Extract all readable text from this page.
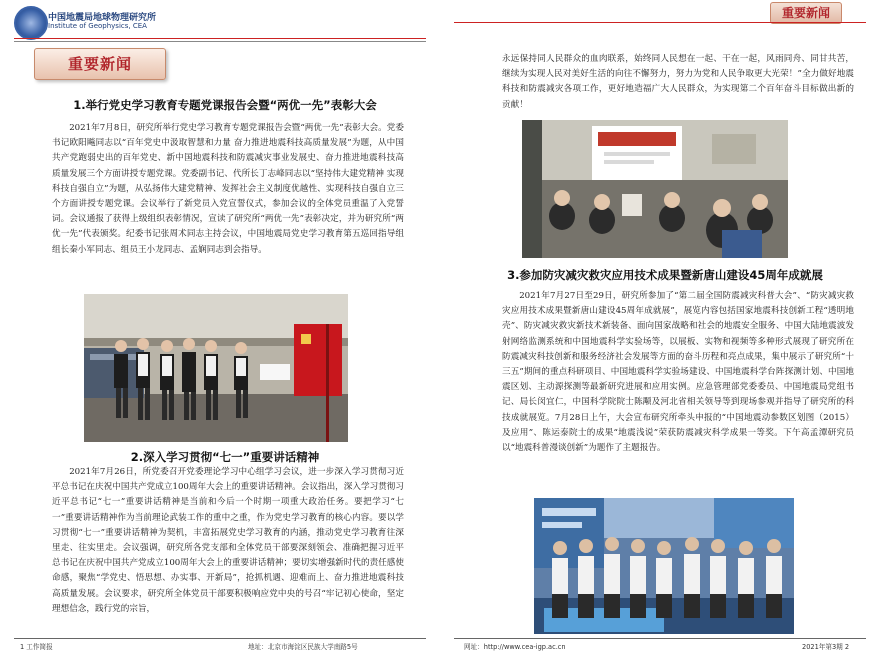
中国地震局地球物理研究所
Institute of Geophysics, CEA
重要新闻
1.举行党史学习教育专题党课报告会暨“两优一先”表彰大会

2021年7月8日，研究所举行党史学习教育专题党课报告会暨“两优一先”表彰大会。党委书记欧阳飚同志以“百年党史中汲取智慧和力量 奋力推进地震科技高质量发展”为题，从中国共产党跑弱史出的百年党史、新中国地震科技和防震减灾事业发展史、奋力推进地震科技高质量发展三个方面讲授专题党课。党委副书记、代所长丁志峰同志以“坚持伟大建党精神 实现科技自强自立”为题，从弘扬伟大建党精神、发挥社会主义制度优越性、实现科技自强自立三个方面讲授专题党课。会议举行了新党员入党宣誓仪式，参加会议的全体党员重温了入党誓词。会议通报了获得上级组织表彰情况，宣读了研究所“两优一先”表彰决定，并为研究所“两优一先”代表颁奖。纪委书记张周术同志主持会议，中国地震局党史学习教育第五巡回指导组组长秦小军同志、组员王小龙同志、孟娴同志到会指导。

2.深入学习贯彻“七一”重要讲话精神

2021年7月26日，所党委召开党委理论学习中心组学习会议，进一步深入学习贯彻习近平总书记在庆祝中国共产党成立100周年大会上的重要讲话精神。会议指出，深入学习贯彻习近平总书记“七一”重要讲话精神是当前和今后一个时期一项重大政治任务。要把学习“七一”重要讲话精神作为当前理论武装工作的重中之重，作为党史学习教育的核心内容。要以学习贯彻“七一”重要讲话精神为契机，丰富拓展党史学习教育的内涵，推动党史学习教育往深里走、往实里走。会议强调，研究所各党支部和全体党员干部要深刻领会、准确把握习近平总书记在庆祝中国共产党成立100周年大会上的重要讲话精神；要切实增强新时代的责任感使命感，聚焦“学党史、悟思想、办实事、开新局”，抢抓机遇、迎难而上、奋力推进地震科技高质量发展。会议要求，研究所全体党员干部要积极响应党中央的号召“牢记初心使命，坚定理想信念，践行党的宗旨，

1 工作简报	地址：北京市海淀区民族大学南路5号
重要新闻

永远保持同人民群众的血肉联系，始终同人民想在一起、干在一起，风雨同舟、同甘共苦，继续为实现人民对美好生活的向往不懈努力，努力为党和人民争取更大光荣！”全力做好地震科技和防震减灾各项工作，更好地造福广大人民群众，为实现第二个百年奋斗目标做出新的贡献！

3.参加防灾减灾救灾应用技术成果暨新唐山建设45周年成就展

2021年7月27日至29日，研究所参加了“第二届全国防震减灾科普大会”、“防灾减灾救灾应用技术成果暨新唐山建设45周年成就展”，展览内容包括国家地震科技创新工程“透明地壳”、防灾减灾救灾新技术新装备、面向国家战略和社会的地震安全服务、中国大陆地震波发射网络监测系统和中国地震科学实验场等，以展板、实物和视频等多种形式展现了研究所在防震减灾科技创新和服务经济社会发展等方面的奋斗历程和亮点成果，集中展示了研究所“十三五”期间的重点科研项目、中国地震科学实验场建设、中国地震科学台阵探测计划、中国地震区划、主动源探测等最新研究进展和应用实例。应急管理部党委委员、中国地震局党组书记、局长闵宜仁，中国科学院院士陈颙及河北省相关领导等到现场参观并指导了研究所的科技成就展览。7月28日上午，大会宣布研究所牵头申报的“中国地震动参数区划图（2015）及应用”、陈运泰院士的成果“地震浅说”荣获防震减灾科学成果一等奖。下午高孟潭研究员以“地震科普漫谈创新”为题作了主题报告。

网址：http://www.cea-igp.ac.cn	2021年第3期 2
